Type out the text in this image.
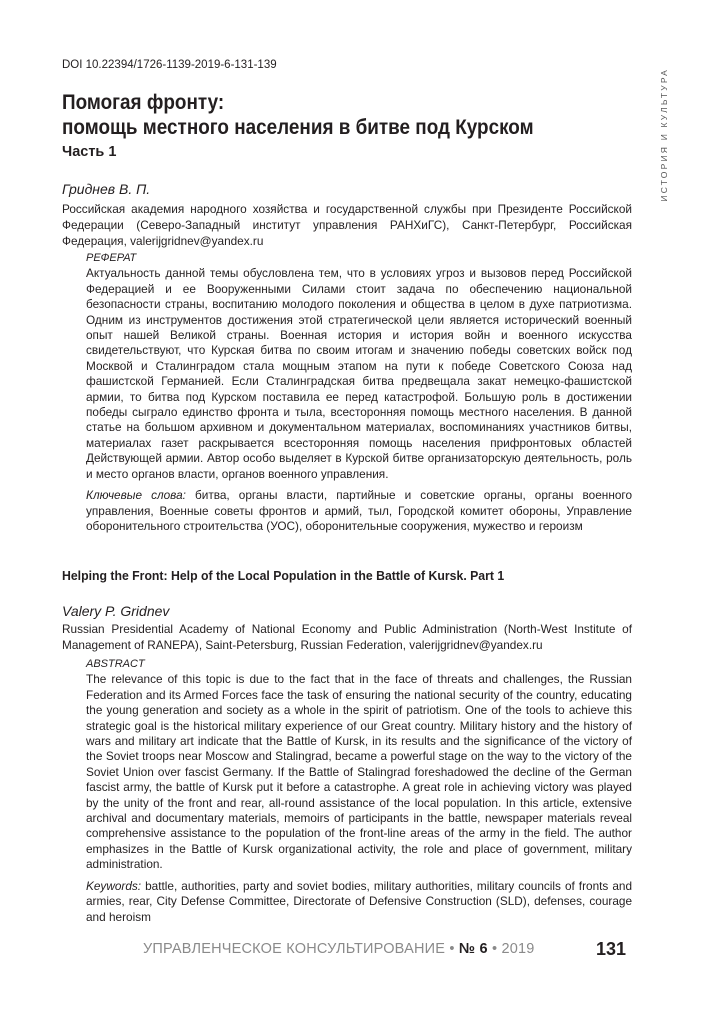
ИСТОРИЯ И КУЛЬТУРА
DOI 10.22394/1726-1139-2019-6-131-139
Помогая фронту:
помощь местного населения в битве под Курском
Часть 1
Гриднев В. П.
Российская академия народного хозяйства и государственной службы при Президенте Российской Федерации (Северо-Западный институт управления РАНХиГС), Санкт-Петербург, Российская Федерация, valerijgridnev@yandex.ru
РЕФЕРАТ
Актуальность данной темы обусловлена тем, что в условиях угроз и вызовов перед Российской Федерацией и ее Вооруженными Силами стоит задача по обеспечению национальной безопасности страны, воспитанию молодого поколения и общества в целом в духе патриотизма. Одним из инструментов достижения этой стратегической цели является исторический военный опыт нашей Великой страны. Военная история и история войн и военного искусства свидетельствуют, что Курская битва по своим итогам и значению победы советских войск под Москвой и Сталинградом стала мощным этапом на пути к победе Советского Союза над фашистской Германией. Если Сталинградская битва предвещала закат немецко-фашистской армии, то битва под Курском поставила ее перед катастрофой. Большую роль в достижении победы сыграло единство фронта и тыла, всесторонняя помощь местного населения. В данной статье на большом архивном и документальном материалах, воспоминаниях участников битвы, материалах газет раскрывается всесторонняя помощь населения прифронтовых областей Действующей армии. Автор особо выделяет в Курской битве организаторскую деятельность, роль и место органов власти, органов военного управления.
Ключевые слова: битва, органы власти, партийные и советские органы, органы военного управления, Военные советы фронтов и армий, тыл, Городской комитет обороны, Управление оборонительного строительства (УОС), оборонительные сооружения, мужество и героизм
Helping the Front: Help of the Local Population in the Battle of Kursk. Part 1
Valery P. Gridnev
Russian Presidential Academy of National Economy and Public Administration (North-West Institute of Management of RANEPA), Saint-Petersburg, Russian Federation, valerijgridnev@yandex.ru
ABSTRACT
The relevance of this topic is due to the fact that in the face of threats and challenges, the Russian Federation and its Armed Forces face the task of ensuring the national security of the country, educating the young generation and society as a whole in the spirit of patriotism. One of the tools to achieve this strategic goal is the historical military experience of our Great country. Military history and the history of wars and military art indicate that the Battle of Kursk, in its results and the significance of the victory of the Soviet troops near Moscow and Stalingrad, became a powerful stage on the way to the victory of the Soviet Union over fascist Germany. If the Battle of Stalingrad foreshadowed the decline of the German fascist army, the battle of Kursk put it before a catastrophe. A great role in achieving victory was played by the unity of the front and rear, all-round assistance of the local population. In this article, extensive archival and documentary materials, memoirs of participants in the battle, newspaper materials reveal comprehensive assistance to the population of the front-line areas of the army in the field. The author emphasizes in the Battle of Kursk organizational activity, the role and place of government, military administration.
Keywords: battle, authorities, party and soviet bodies, military authorities, military councils of fronts and armies, rear, City Defense Committee, Directorate of Defensive Construction (SLD), defenses, courage and heroism
УПРАВЛЕНЧЕСКОЕ КОНСУЛЬТИРОВАНИЕ • № 6 • 2019	131
